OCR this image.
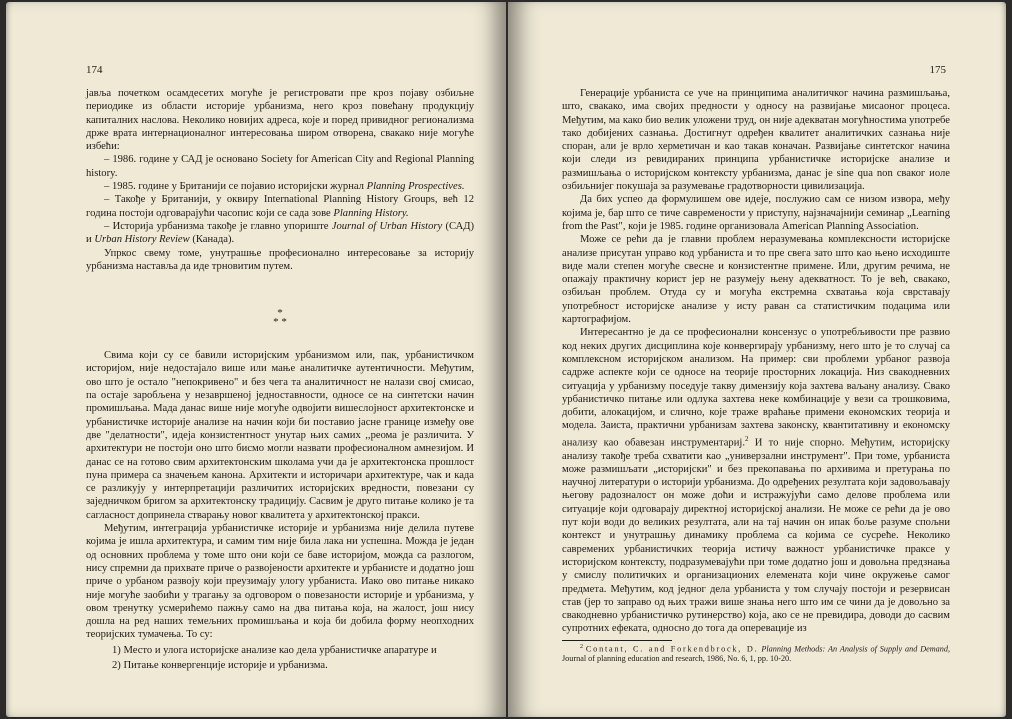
174

јавља почетком осамдесетих могуће је регистровати пре кроз појаву озбиљне периодике из области историје урбанизма, него кроз повећану продукцију капиталних наслова. Неколико новијих адреса, које и поред привидног регионализма држе врата интернационалног интересовања широм отворена, свакако није могуће избећи:

– 1986. године у САД је основано Society for American City and Regional Planning history.

– 1985. године у Британији се појавио историјски журнал Planning Prospectives.

– Такође у Британији, у оквиру International Planning History Groups, већ 12 година постоји одговарајући часопис који се сада зове Planning History.

– Историја урбанизма такође је главно упориште Journal of Urban History (САД) и Urban History Review (Канада).

Упркос свему томе, унутрашње професионално интересовање за историју урбанизма наставља да иде трновитим путем.

*
* *

Свима који су се бавили историјским урбанизмом или, пак, урбанистичком историјом, није недостајало више или мање аналитичке аутентичности. Међутим, ово што је остало "непокривено" и без чега та аналитичност не налази свој смисао, па остаје заробљена у незавршеној једноставности, односе се на синтетски начин промишљања. Мада данас више није могуће одвојити вишеслојност архитектонске и урбанистичке историје анализе на начин који би поставио јасне границе између ове две "делатности", идеја конзистентност унутар њих самих ,,реома је различита. У архитектури не постоји оно што бисмо могли назвати професионалном амнезијом. И данас се на готово свим архитектонским школама учи да је архитектонска прошлост пуна примера са значењем канона. Архитекти и историчари архитектуре, чак и када се разликују у интерпретацији различитих историјских вредности, повезани су заједничком бригом за архитектонску традицију. Сасвим је друго питање колико је та сагласност допринела стварању новог квалитета у архитектонској пракси.

Међутим, интеграција урбанистичке историје и урбанизма није делила путеве којима је ишла архитектура, и самим тим није била лака ни успешна. Можда је један од основних проблема у томе што они који се баве историјом, можда са разлогом, нису спремни да прихвате приче о развојености архитекте и урбанисте и додатно још причe о урбаном развоју који преузимају улогу урбаниста. Иако ово питање никако није могуће заобићи у трагању за одговором о повезаности историје и урбанизма, у овом тренутку усмерићемо пажњу само на два питања која, на жалост, још нису дошла на ред наших темељних промишљања и која би добила форму неопходних теоријских тумачења. То су:

1) Место и улога историјске анализе као дела урбанистичке апаратуре и

2) Питање конвергенције историје и урбанизма.

175

Генерације урбаниста се уче на принципима аналитичког начина размишљања, што, свакако, има својих предности у односу на развијање мисаоног процеса. Међутим, ма како био велик уложени труд, он није адекватан могућностима употребе тако добијених сазнања. Достигнут одређен квалитет аналитичких сазнања није споран, али је врло херметичан и као такав коначан. Развијање синтетског начина који следи из ревидираних принципа урбанистичке историјске анализе и размишљања о историјском контексту урбанизма, данас је sine qua non сваког иоле озбиљнијег покушаја за разумевање градотворности цивилизација.

Да бих успео да формулишем ове идеје, послужио сам се низом извора, међу којима је, бар што се тиче савремености у приступу, најзначајнији семинар „Learning from the Past", који је 1985. године организовала American Planning Association.

Може се рећи да је главни проблем неразумевања комплексности историјске анализе присутан управо код урбаниста и то пре свега зато што као њено исходиште виде мали степен могуће свесне и конзистентне примене. Или, другим речима, не опажају практичну корист јер не разумеју њену адекватност. То је већ, свакако, озбиљан проблем. Отуда су и могућа екстремна схватања која сврставају употребност историјске анализе у исту раван са статистичким подацима или картографијом.

Интересантно је да се професионални консензус о употребљивости пре развио код неких других дисциплина које конвергирају урбанизму, него што је то случај са комплексном историјском анализом. На пример: сви проблеми урбаног развоја садрже аспекте који се односе на теорије просторних локација. Низ свакодневних ситуација у урбанизму поседује такву димензију која захтева ваљану анализу. Свако урбанистичко питање или одлука захтева неке комбинације у вези са трошковима, добити, алокацијом, и слично, које траже враћање примени економских теорија и модела. Заиста, практични урбанизам захтева законску, квантитативну и економску анализу као обавезан инструментариј.$^2$ И то није спорно. Међутим, историјску анализу такође треба схватити као „универзални инструмент". При томе, урбаниста може размишљати „историјски" и без прекопавања по архивима и претурања по научној литератури о историји урбанизма. До одређених резултата који задовољавају његову радозналост он може доћи и истражујући само делове проблема или ситуације који одговарају директној историјској анализи. Не може се рећи да је ово пут који води до великих резултата, али на тај начин он ипак боље разуме спољни контекст и унутрашњу динамику проблема са којима се сусреће. Неколико савремених урбанистичких теорија истичу важност урбанистичке праксе у историјском контексту, подразумевајући при томе додатно још и довољна предзнања у смислу политичких и организационих елемената који чине окружење самог предмета. Међутим, код једног дела урбаниста у том случају постоји и резервисан став (јер то заправо од њих тражи више знања него што им се чини да је довољно за свакодневно урбанистичко рутинерство) која, ако се не превидира, доводи до сасвим супротних ефеката, односно до тога да оперевације из

$^2$ Contant, C. and Forkendbrock, D. Planning Methods: An Analysis of Supply and Demand, Journal of planning education and research, 1986, No. 6, 1, pp. 10-20.
